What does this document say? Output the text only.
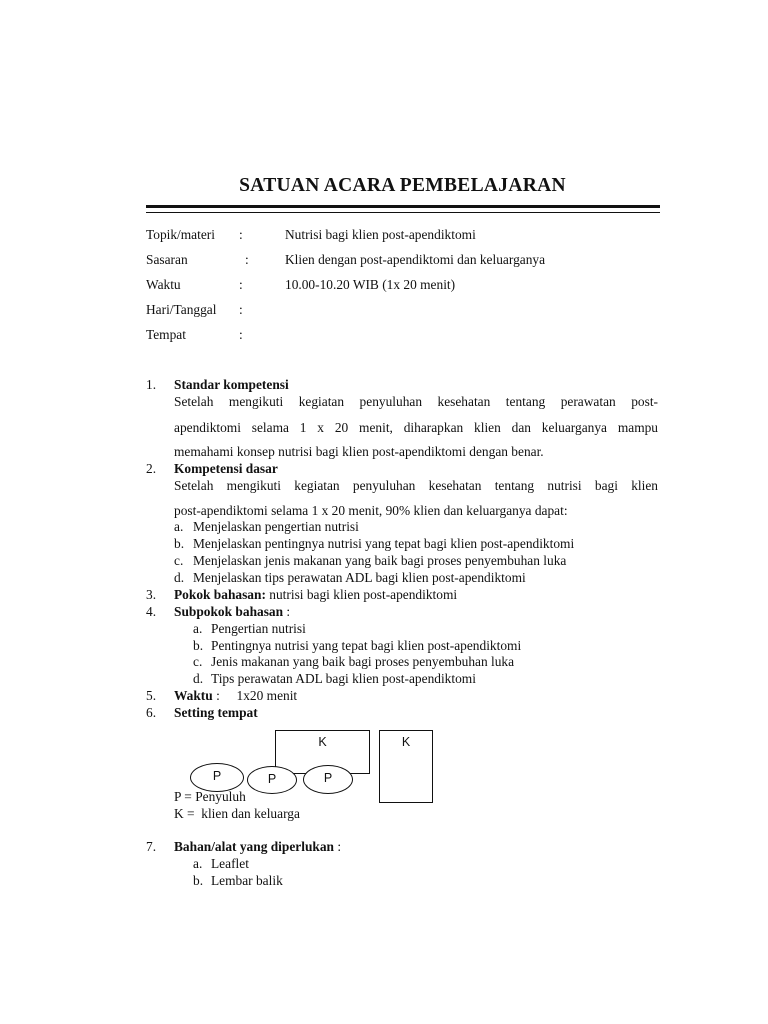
SATUAN ACARA PEMBELAJARAN
Topik/materi :	Nutrisi bagi klien post-apendiktomi
Sasaran	:	Klien dengan post-apendiktomi dan keluarganya
Waktu	:	10.00-10.20 WIB (1x 20 menit)
Hari/Tanggal :
Tempat	:
1. Standar kompetensi
Setelah mengikuti kegiatan penyuluhan kesehatan tentang perawatan post-
apendiktomi selama 1 x 20 menit, diharapkan klien dan keluarganya mampu
memahami konsep nutrisi bagi klien post-apendiktomi dengan benar.
2. Kompetensi dasar
Setelah mengikuti kegiatan penyuluhan kesehatan tentang nutrisi bagi klien
post-apendiktomi selama 1 x 20 menit, 90% klien dan keluarganya dapat:
a. Menjelaskan pengertian nutrisi
b. Menjelaskan pentingnya nutrisi yang tepat bagi klien post-apendiktomi
c. Menjelaskan jenis makanan yang baik bagi proses penyembuhan luka
d. Menjelaskan tips perawatan ADL bagi klien post-apendiktomi
3. Pokok bahasan: nutrisi bagi klien post-apendiktomi
4. Subpokok bahasan :
a. Pengertian nutrisi
b. Pentingnya nutrisi yang tepat bagi klien post-apendiktomi
c. Jenis makanan yang baik bagi proses penyembuhan luka
d. Tips perawatan ADL bagi klien post-apendiktomi
5. Waktu :     1x20 menit
6. Setting tempat
K	K
P	P	P
P = Penyuluh
K =  klien dan keluarga
7. Bahan/alat yang diperlukan :
a. Leaflet
b. Lembar balik
